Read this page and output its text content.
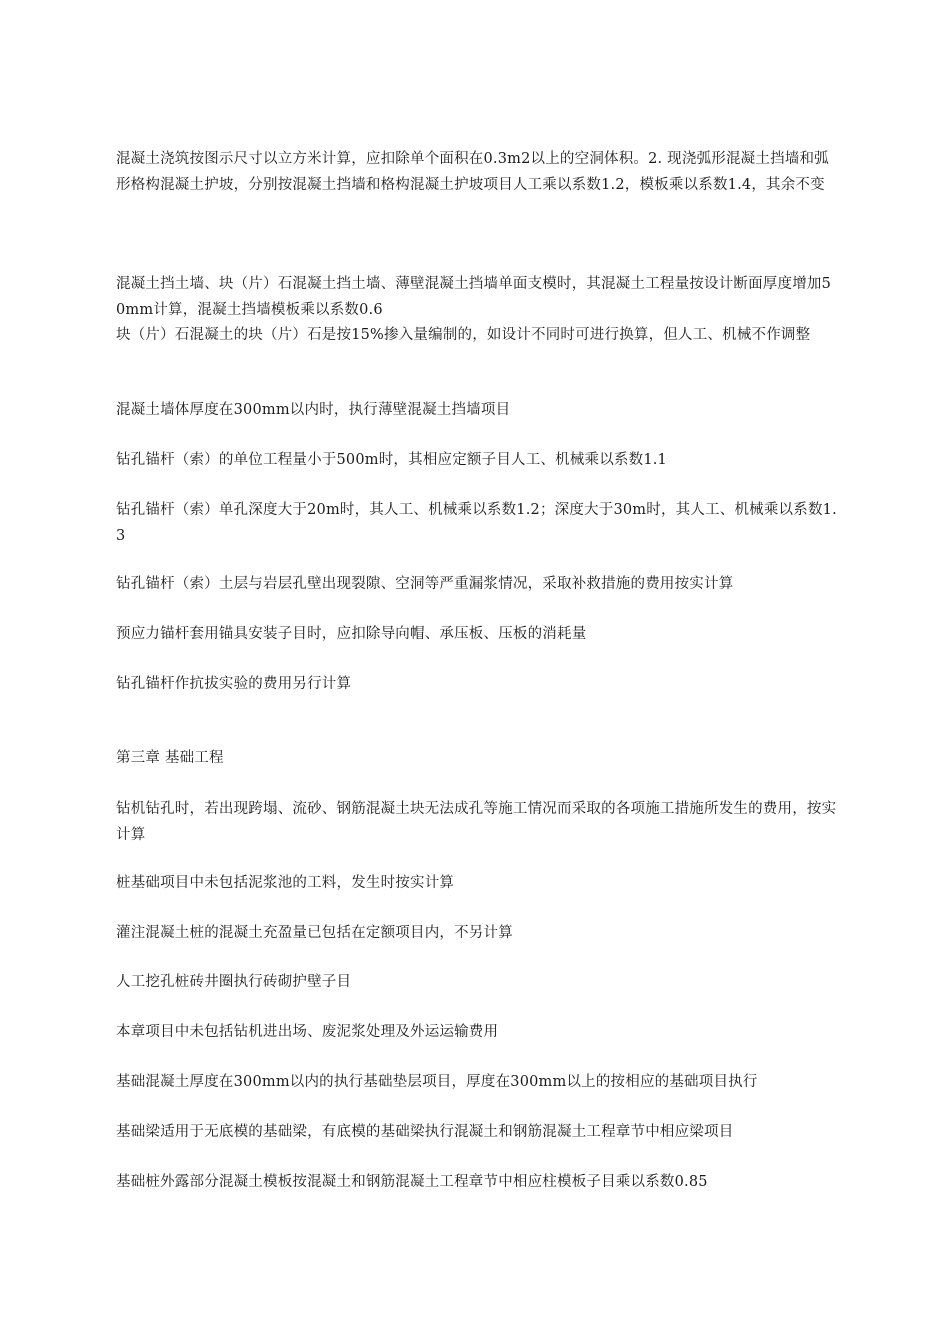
混凝土浇筑按图示尺寸以立方米计算，应扣除单个面积在0.3m2以上的空洞体积。2. 现浇弧形混凝土挡墙和弧形格构混凝土护坡，分别按混凝土挡墙和格构混凝土护坡项目人工乘以系数1.2，模板乘以系数1.4，其余不变

混凝土挡土墙、块（片）石混凝土挡土墙、薄壁混凝土挡墙单面支模时，其混凝土工程量按设计断面厚度增加50mm计算，混凝土挡墙模板乘以系数0.6

块（片）石混凝土的块（片）石是按15%掺入量编制的，如设计不同时可进行换算，但人工、机械不作调整

混凝土墙体厚度在300mm以内时，执行薄壁混凝土挡墙项目

钻孔锚杆（索）的单位工程量小于500m时，其相应定额子目人工、机械乘以系数1.1

钻孔锚杆（索）单孔深度大于20m时，其人工、机械乘以系数1.2；深度大于30m时，其人工、机械乘以系数1.3

钻孔锚杆（索）土层与岩层孔壁出现裂隙、空洞等严重漏浆情况，采取补救措施的费用按实计算

预应力锚杆套用锚具安装子目时，应扣除导向帽、承压板、压板的消耗量

钻孔锚杆作抗拔实验的费用另行计算

第三章 基础工程

钻机钻孔时，若出现跨塌、流砂、钢筋混凝土块无法成孔等施工情况而采取的各项施工措施所发生的费用，按实计算

桩基础项目中未包括泥浆池的工料，发生时按实计算

灌注混凝土桩的混凝土充盈量已包括在定额项目内，不另计算

人工挖孔桩砖井圈执行砖砌护壁子目

本章项目中未包括钻机进出场、废泥浆处理及外运运输费用

基础混凝土厚度在300mm以内的执行基础垫层项目，厚度在300mm以上的按相应的基础项目执行

基础梁适用于无底模的基础梁，有底模的基础梁执行混凝土和钢筋混凝土工程章节中相应梁项目

基础桩外露部分混凝土模板按混凝土和钢筋混凝土工程章节中相应柱模板子目乘以系数0.85
